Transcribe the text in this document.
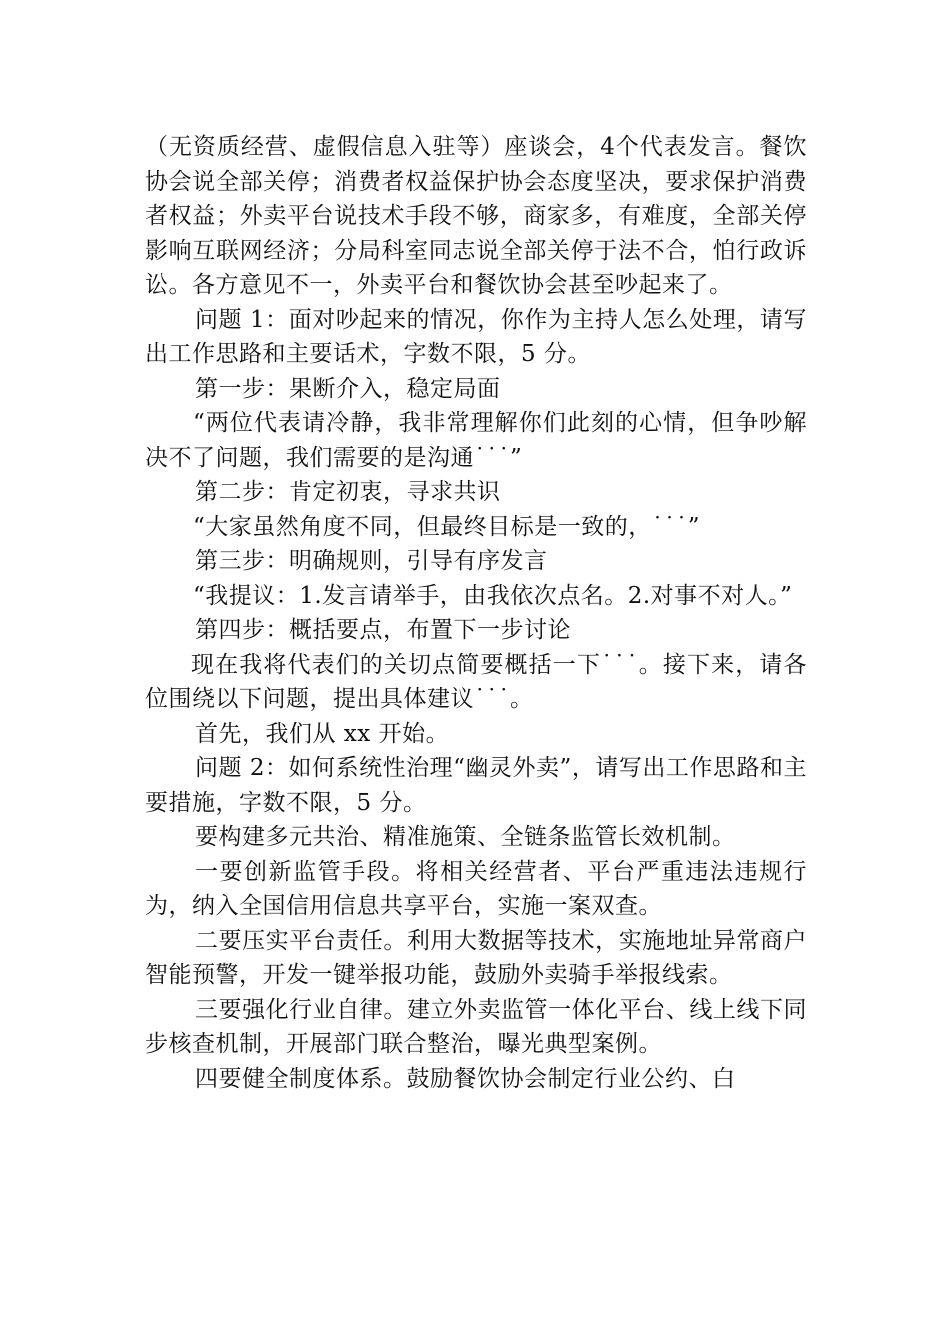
（无资质经营、虚假信息入驻等）座谈会，4个代表发言。餐饮协会说全部关停；消费者权益保护协会态度坚决，要求保护消费者权益；外卖平台说技术手段不够，商家多，有难度，全部关停影响互联网经济；分局科室同志说全部关停于法不合，怕行政诉讼。各方意见不一，外卖平台和餐饮协会甚至吵起来了。

问题 1：面对吵起来的情况，你作为主持人怎么处理，请写出工作思路和主要话术，字数不限，5 分。

第一步：果断介入，稳定局面

“两位代表请冷静，我非常理解你们此刻的心情，但争吵解决不了问题，我们需要的是沟通˙˙˙”

第二步：肯定初衷，寻求共识

“大家虽然角度不同，但最终目标是一致的，˙˙˙”

第三步：明确规则，引导有序发言

“我提议：1.发言请举手，由我依次点名。2.对事不对人。”

第四步：概括要点，布置下一步讨论

现在我将代表们的关切点简要概括一下˙˙˙。接下来，请各位围绕以下问题，提出具体建议˙˙˙。

首先，我们从 xx 开始。

问题 2：如何系统性治理“幽灵外卖”，请写出工作思路和主要措施，字数不限，5 分。

要构建多元共治、精准施策、全链条监管长效机制。

一要创新监管手段。将相关经营者、平台严重违法违规行为，纳入全国信用信息共享平台，实施一案双查。

二要压实平台责任。利用大数据等技术，实施地址异常商户智能预警，开发一键举报功能，鼓励外卖骑手举报线索。

三要强化行业自律。建立外卖监管一体化平台、线上线下同步核查机制，开展部门联合整治，曝光典型案例。

四要健全制度体系。鼓励餐饮协会制定行业公约、白
